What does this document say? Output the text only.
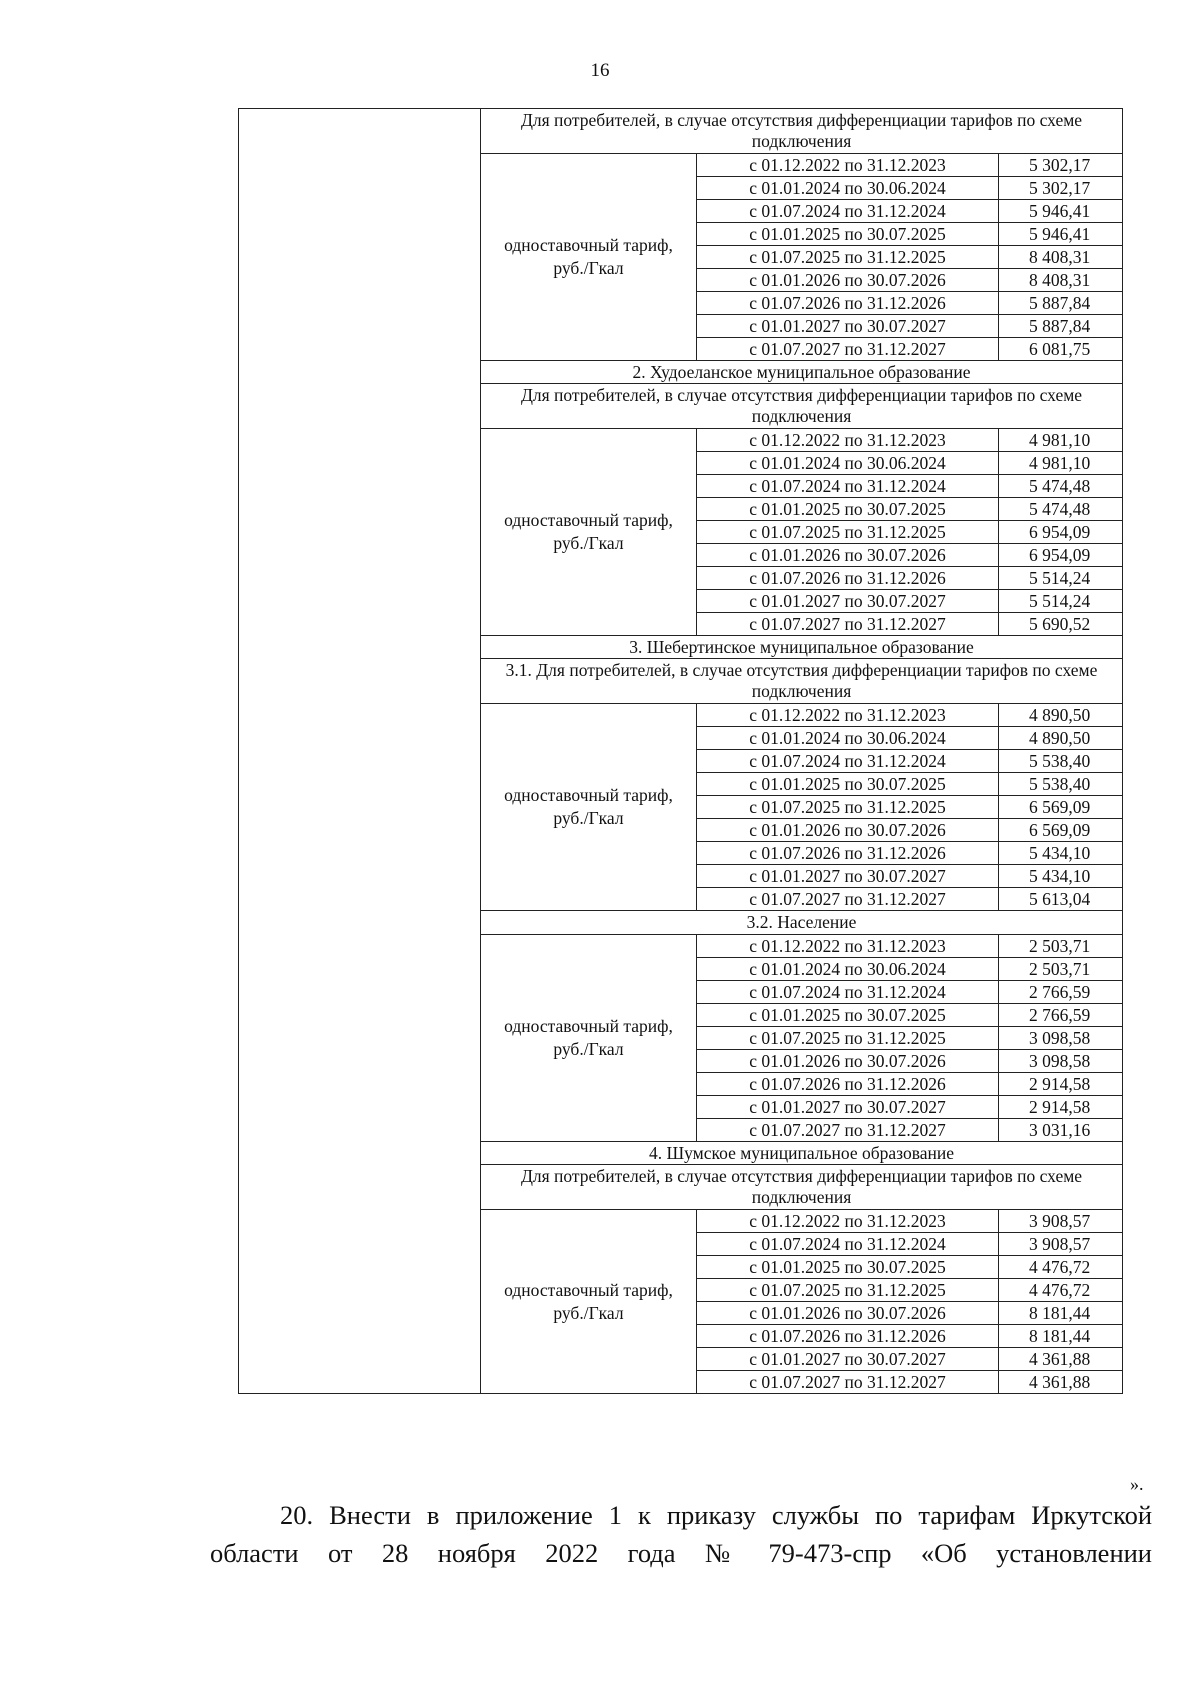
16
	Для потребителей, в случае отсутствия дифференциации тарифов по схеме подключения		
	одноставочный тариф, руб./Гкал	с 01.12.2022 по 31.12.2023	5 302,17
		с 01.01.2024 по 30.06.2024	5 302,17
		с 01.07.2024 по 31.12.2024	5 946,41
		с 01.01.2025 по 30.07.2025	5 946,41
		с 01.07.2025 по 31.12.2025	8 408,31
		с 01.01.2026 по 30.07.2026	8 408,31
		с 01.07.2026 по 31.12.2026	5 887,84
		с 01.01.2027 по 30.07.2027	5 887,84
		с 01.07.2027 по 31.12.2027	6 081,75
	2. Худоеланское муниципальное образование		
	Для потребителей, в случае отсутствия дифференциации тарифов по схеме подключения		
	одноставочный тариф, руб./Гкал	с 01.12.2022 по 31.12.2023	4 981,10
		с 01.01.2024 по 30.06.2024	4 981,10
		с 01.07.2024 по 31.12.2024	5 474,48
		с 01.01.2025 по 30.07.2025	5 474,48
		с 01.07.2025 по 31.12.2025	6 954,09
		с 01.01.2026 по 30.07.2026	6 954,09
		с 01.07.2026 по 31.12.2026	5 514,24
		с 01.01.2027 по 30.07.2027	5 514,24
		с 01.07.2027 по 31.12.2027	5 690,52
	3. Шебертинское муниципальное образование		
	3.1. Для потребителей, в случае отсутствия дифференциации тарифов по схеме подключения		
	одноставочный тариф, руб./Гкал	с 01.12.2022 по 31.12.2023	4 890,50
		с 01.01.2024 по 30.06.2024	4 890,50
		с 01.07.2024 по 31.12.2024	5 538,40
		с 01.01.2025 по 30.07.2025	5 538,40
		с 01.07.2025 по 31.12.2025	6 569,09
		с 01.01.2026 по 30.07.2026	6 569,09
		с 01.07.2026 по 31.12.2026	5 434,10
		с 01.01.2027 по 30.07.2027	5 434,10
		с 01.07.2027 по 31.12.2027	5 613,04
	3.2. Население		
	одноставочный тариф, руб./Гкал	с 01.12.2022 по 31.12.2023	2 503,71
		с 01.01.2024 по 30.06.2024	2 503,71
		с 01.07.2024 по 31.12.2024	2 766,59
		с 01.01.2025 по 30.07.2025	2 766,59
		с 01.07.2025 по 31.12.2025	3 098,58
		с 01.01.2026 по 30.07.2026	3 098,58
		с 01.07.2026 по 31.12.2026	2 914,58
		с 01.01.2027 по 30.07.2027	2 914,58
		с 01.07.2027 по 31.12.2027	3 031,16
	4. Шумское муниципальное образование		
	Для потребителей, в случае отсутствия дифференциации тарифов по схеме подключения		
	одноставочный тариф, руб./Гкал	с 01.12.2022 по 31.12.2023	3 908,57
		с 01.07.2024 по 31.12.2024	3 908,57
		с 01.01.2025 по 30.07.2025	4 476,72
		с 01.07.2025 по 31.12.2025	4 476,72
		с 01.01.2026 по 30.07.2026	8 181,44
		с 01.07.2026 по 31.12.2026	8 181,44
		с 01.01.2027 по 30.07.2027	4 361,88
		с 01.07.2027 по 31.12.2027	4 361,88
».
20. Внести в приложение 1 к приказу службы по тарифам Иркутской
области от 28 ноября 2022 года № 79-473-спр «Об установлении
